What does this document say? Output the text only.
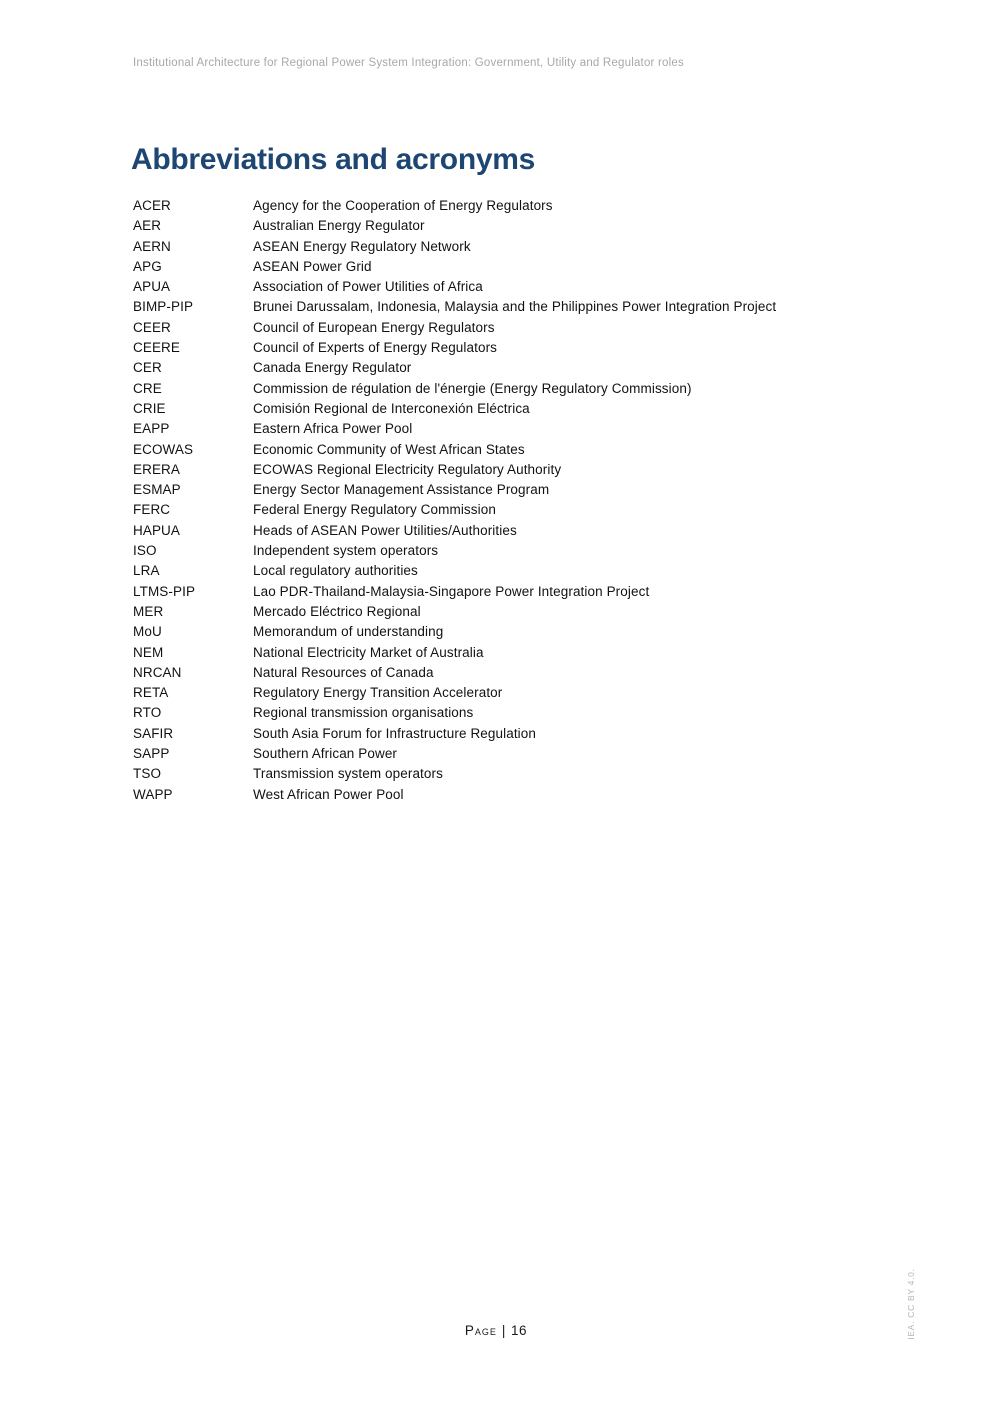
Institutional Architecture for Regional Power System Integration: Government, Utility and Regulator roles
Abbreviations and acronyms
ACER	Agency for the Cooperation of Energy Regulators
AER	Australian Energy Regulator
AERN	ASEAN Energy Regulatory Network
APG	ASEAN Power Grid
APUA	Association of Power Utilities of Africa
BIMP-PIP	Brunei Darussalam, Indonesia, Malaysia and the Philippines Power Integration Project
CEER	Council of European Energy Regulators
CEERE	Council of Experts of Energy Regulators
CER	Canada Energy Regulator
CRE	Commission de régulation de l'énergie (Energy Regulatory Commission)
CRIE	Comisión Regional de Interconexión Eléctrica
EAPP	Eastern Africa Power Pool
ECOWAS	Economic Community of West African States
ERERA	ECOWAS Regional Electricity Regulatory Authority
ESMAP	Energy Sector Management Assistance Program
FERC	Federal Energy Regulatory Commission
HAPUA	Heads of ASEAN Power Utilities/Authorities
ISO	Independent system operators
LRA	Local regulatory authorities
LTMS-PIP	Lao PDR-Thailand-Malaysia-Singapore Power Integration Project
MER	Mercado Eléctrico Regional
MoU	Memorandum of understanding
NEM	National Electricity Market of Australia
NRCAN	Natural Resources of Canada
RETA	Regulatory Energy Transition Accelerator
RTO	Regional transmission organisations
SAFIR	South Asia Forum for Infrastructure Regulation
SAPP	Southern African Power
TSO	Transmission system operators
WAPP	West African Power Pool
Page | 16	IEA. CC BY 4.0.
